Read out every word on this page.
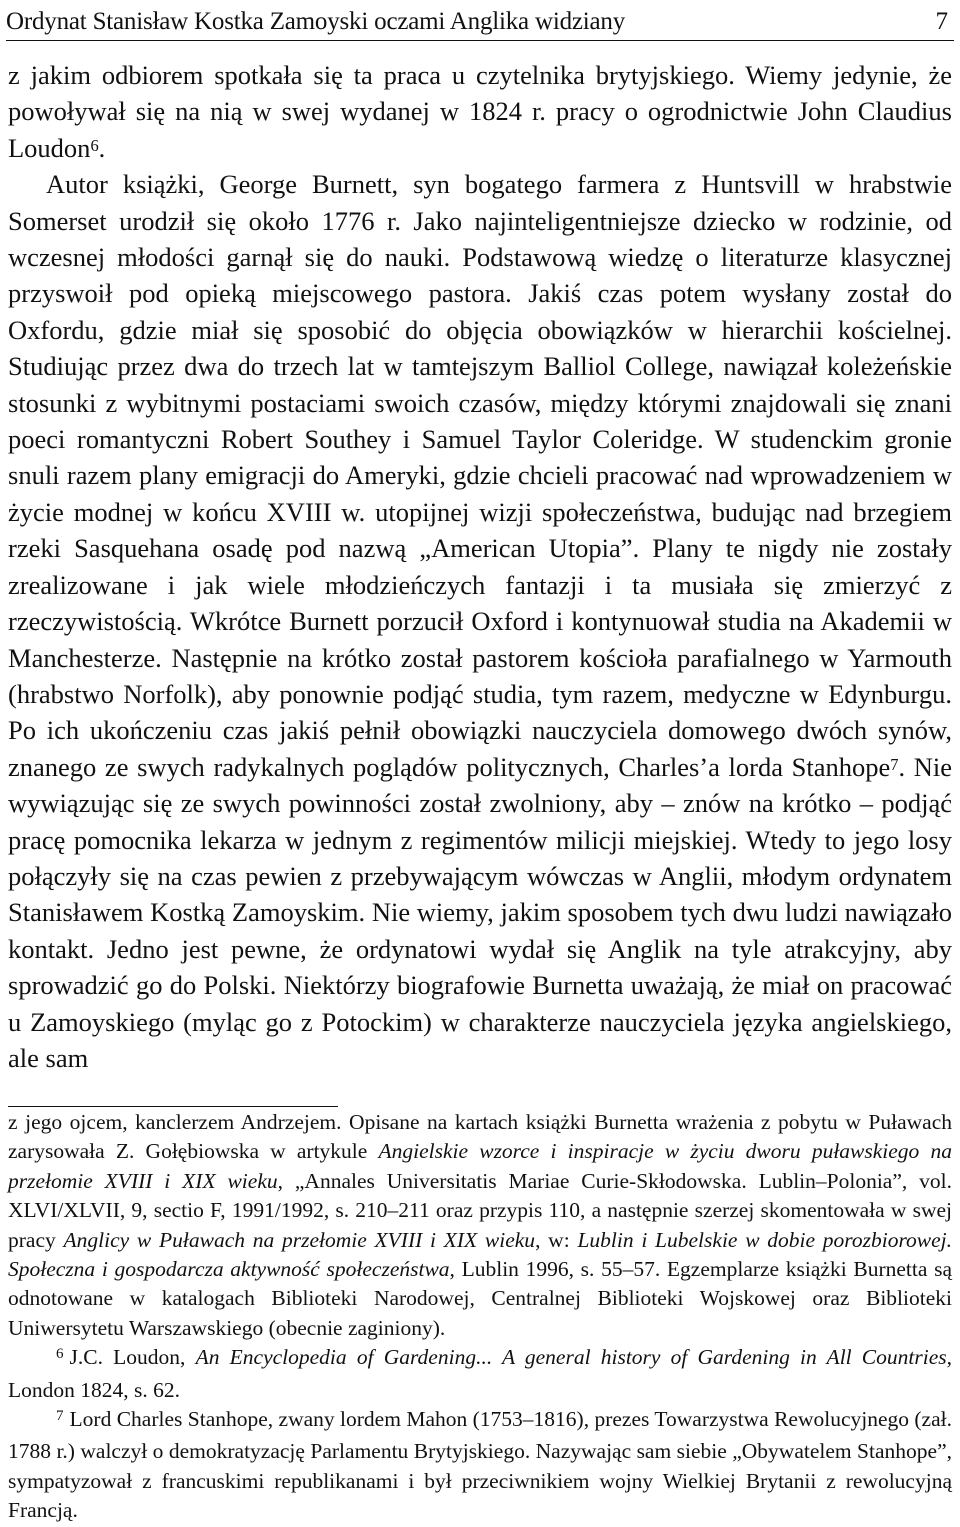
Ordynat Stanisław Kostka Zamoyski oczami Anglika widziany	7

z jakim odbiorem spotkała się ta praca u czytelnika brytyjskiego. Wiemy jedynie, że powoływał się na nią w swej wydanej w 1824 r. pracy o ogrodnictwie John Claudius Loudon$^6$.

Autor książki, George Burnett, syn bogatego farmera z Huntsvill w hrabstwie Somerset urodził się około 1776 r. Jako najinteligentniejsze dziecko w rodzinie, od wczesnej młodości garnął się do nauki. Podstawową wiedzę o literaturze klasycznej przyswoił pod opieką miejscowego pastora. Jakiś czas potem wysłany został do Oxfordu, gdzie miał się sposobić do objęcia obowiązków w hierarchii kościelnej. Studiując przez dwa do trzech lat w tamtejszym Balliol College, nawiązał koleżeńskie stosunki z wybitnymi postaciami swoich czasów, między którymi znajdowali się znani poeci romantyczni Robert Southey i Samuel Taylor Coleridge. W studenckim gronie snuli razem plany emigracji do Ameryki, gdzie chcieli pracować nad wprowadzeniem w życie modnej w końcu XVIII w. utopijnej wizji społeczeństwa, budując nad brzegiem rzeki Sasquehana osadę pod nazwą „American Utopia”. Plany te nigdy nie zostały zrealizowane i jak wiele młodzieńczych fantazji i ta musiała się zmierzyć z rzeczywistością. Wkrótce Burnett porzucił Oxford i kontynuował studia na Akademii w Manchesterze. Następnie na krótko został pastorem kościoła parafialnego w Yarmouth (hrabstwo Norfolk), aby ponownie podjąć studia, tym razem, medyczne w Edynburgu. Po ich ukończeniu czas jakiś pełnił obowiązki nauczyciela domowego dwóch synów, znanego ze swych radykalnych poglądów politycznych, Charles’a lorda Stanhope$^7$. Nie wywiązując się ze swych powinności został zwolniony, aby – znów na krótko – podjąć pracę pomocnika lekarza w jednym z regimentów milicji miejskiej. Wtedy to jego losy połączyły się na czas pewien z przebywającym wówczas w Anglii, młodym ordynatem Stanisławem Kostką Zamoyskim. Nie wiemy, jakim sposobem tych dwu ludzi nawiązało kontakt. Jedno jest pewne, że ordynatowi wydał się Anglik na tyle atrakcyjny, aby sprowadzić go do Polski. Niektórzy biografowie Burnetta uważają, że miał on pracować u Zamoyskiego (myląc go z Potockim) w charakterze nauczyciela języka angielskiego, ale sam

z jego ojcem, kanclerzem Andrzejem. Opisane na kartach książki Burnetta wrażenia z pobytu w Puławach zarysowała Z. Gołębiowska w artykule Angielskie wzorce i inspiracje w życiu dworu puławskiego na przełomie XVIII i XIX wieku, „Annales Universitatis Mariae Curie-Skłodowska. Lublin–Polonia”, vol. XLVI/XLVII, 9, sectio F, 1991/1992, s. 210–211 oraz przypis 110, a następnie szerzej skomentowała w swej pracy Anglicy w Puławach na przełomie XVIII i XIX wieku, w: Lublin i Lubelskie w dobie porozbiorowej. Społeczna i gospodarcza aktywność społeczeństwa, Lublin 1996, s. 55–57. Egzemplarze książki Burnetta są odnotowane w katalogach Biblioteki Narodowej, Centralnej Biblioteki Wojskowej oraz Biblioteki Uniwersytetu Warszawskiego (obecnie zaginiony).

$^6$ J.C. Loudon, An Encyclopedia of Gardening... A general history of Gardening in All Countries, London 1824, s. 62.

$^7$ Lord Charles Stanhope, zwany lordem Mahon (1753–1816), prezes Towarzystwa Rewolucyjnego (zał. 1788 r.) walczył o demokratyzację Parlamentu Brytyjskiego. Nazywając sam siebie „Obywatelem Stanhope”, sympatyzował z francuskimi republikanami i był przeciwnikiem wojny Wielkiej Brytanii z rewolucyjną Francją.
